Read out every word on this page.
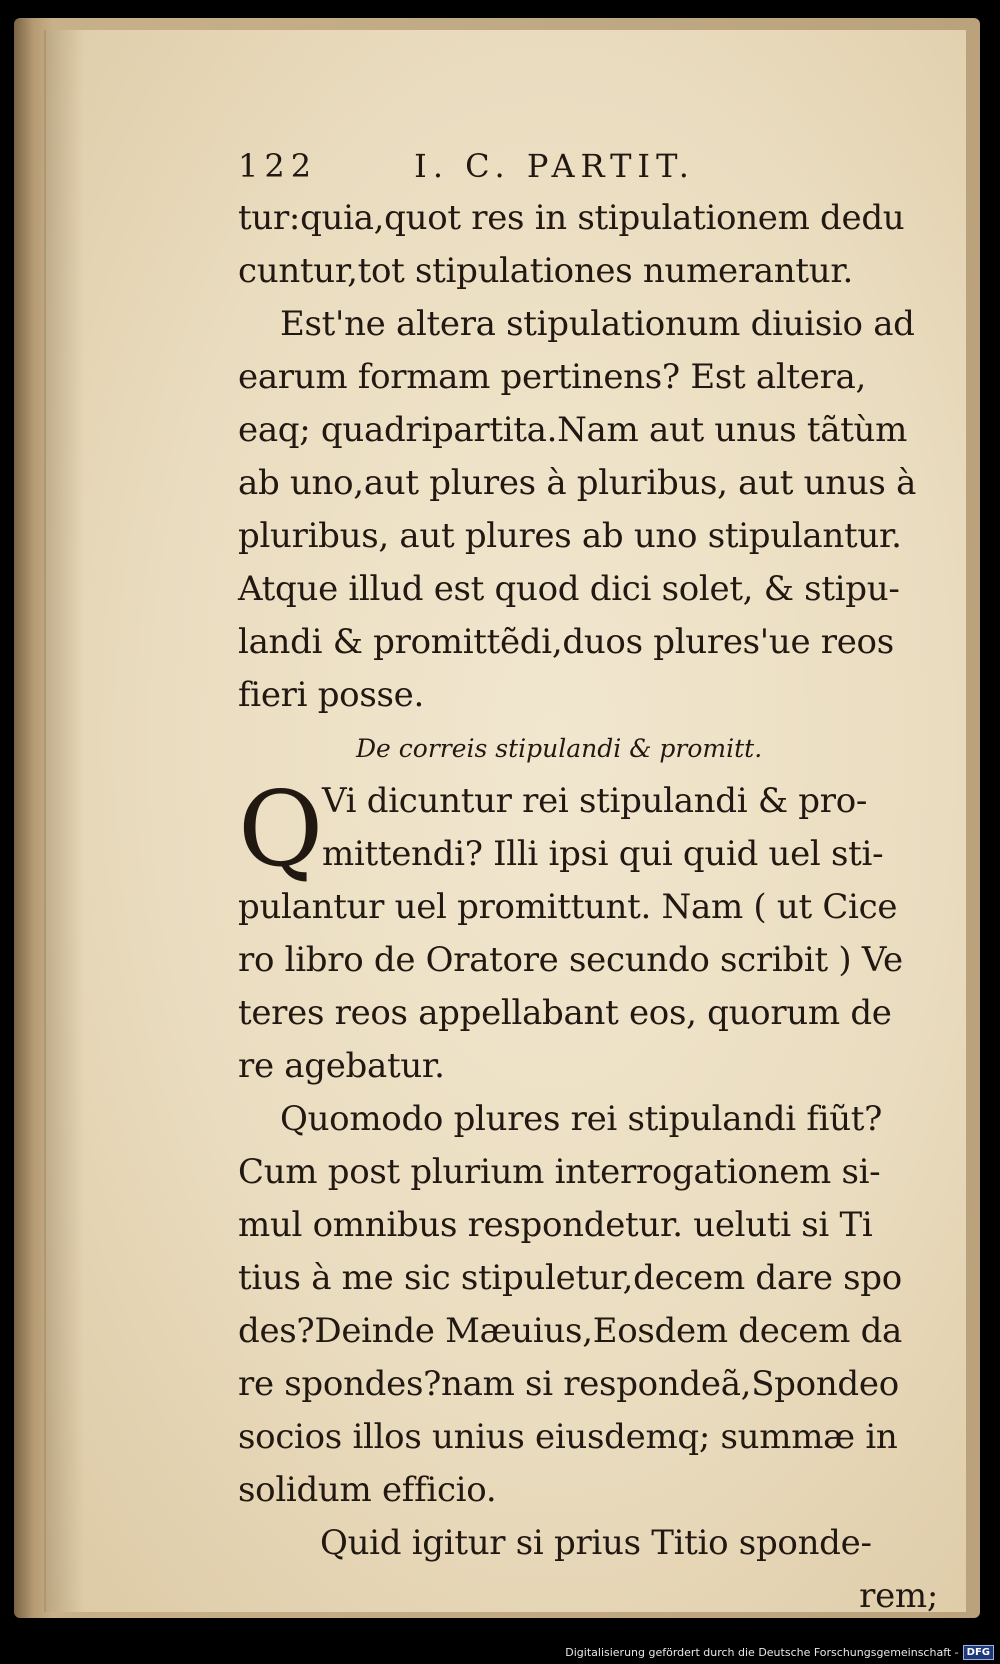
122	I. C. PARTIT.
tur:quia,quot res in stipulationem dedu
cuntur,tot stipulationes numerantur.
Est'ne altera stipulationum diuisio ad
earum formam pertinens? Est altera,
eaq; quadripartita.Nam aut unus tãtùm
ab uno,aut plures à pluribus, aut unus à
pluribus, aut plures ab uno stipulantur.
Atque illud est quod dici solet, & stipu-
landi & promittẽdi,duos plures'ue reos
fieri posse.
De correis stipulandi & promitt.
Q
Vi dicuntur rei stipulandi & pro-
mittendi? Illi ipsi qui quid uel sti-
pulantur uel promittunt. Nam ( ut Cice
ro libro de Oratore secundo scribit ) Ve
teres reos appellabant eos, quorum de
re agebatur.
Quomodo plures rei stipulandi fiũt?
Cum post plurium interrogationem si-
mul omnibus respondetur. ueluti si Ti
tius à me sic stipuletur,decem dare spo
des?Deinde Mæuius,Eosdem decem da
re spondes?nam si respondeã,Spondeo
socios illos unius eiusdemq; summæ in
solidum efficio.
Quid igitur si prius Titio sponde-
rem;
Digitalisierung gefördert durch die Deutsche Forschungsgemeinschaft - DFG
